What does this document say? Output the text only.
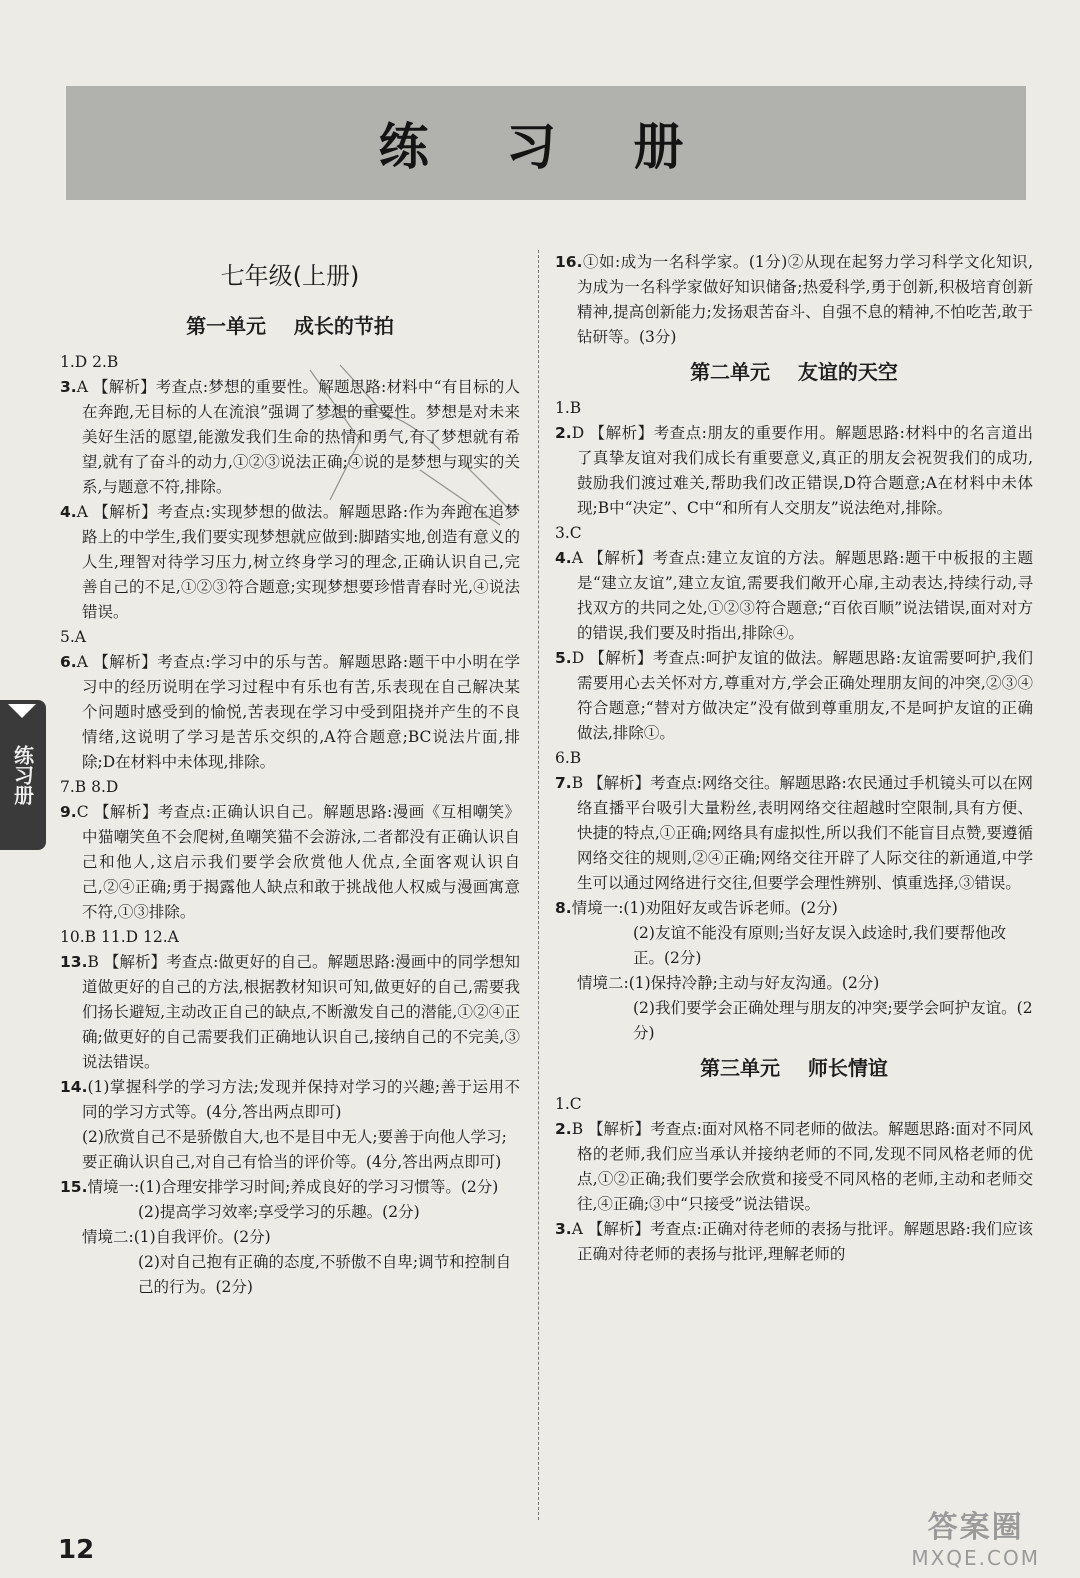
练 习 册
练习册
七年级(上册)
第一单元    成长的节拍

1.D 2.B

3.A 【解析】考查点:梦想的重要性。解题思路:材料中“有目标的人在奔跑,无目标的人在流浪”强调了梦想的重要性。梦想是对未来美好生活的愿望,能激发我们生命的热情和勇气,有了梦想就有希望,就有了奋斗的动力,①②③说法正确;④说的是梦想与现实的关系,与题意不符,排除。

4.A 【解析】考查点:实现梦想的做法。解题思路:作为奔跑在追梦路上的中学生,我们要实现梦想就应做到:脚踏实地,创造有意义的人生,理智对待学习压力,树立终身学习的理念,正确认识自己,完善自己的不足,①②③符合题意;实现梦想要珍惜青春时光,④说法错误。

5.A

6.A 【解析】考查点:学习中的乐与苦。解题思路:题干中小明在学习中的经历说明在学习过程中有乐也有苦,乐表现在自己解决某个问题时感受到的愉悦,苦表现在学习中受到阻挠并产生的不良情绪,这说明了学习是苦乐交织的,A符合题意;BC说法片面,排除;D在材料中未体现,排除。

7.B 8.D

9.C 【解析】考查点:正确认识自己。解题思路:漫画《互相嘲笑》中猫嘲笑鱼不会爬树,鱼嘲笑猫不会游泳,二者都没有正确认识自己和他人,这启示我们要学会欣赏他人优点,全面客观认识自己,②④正确;勇于揭露他人缺点和敢于挑战他人权威与漫画寓意不符,①③排除。

10.B 11.D 12.A

13.B 【解析】考查点:做更好的自己。解题思路:漫画中的同学想知道做更好的自己的方法,根据教材知识可知,做更好的自己,需要我们扬长避短,主动改正自己的缺点,不断激发自己的潜能,①②④正确;做更好的自己需要我们正确地认识自己,接纳自己的不完美,③说法错误。

14.(1)掌握科学的学习方法;发现并保持对学习的兴趣;善于运用不同的学习方式等。(4分,答出两点即可)

(2)欣赏自己不是骄傲自大,也不是目中无人;要善于向他人学习;要正确认识自己,对自己有恰当的评价等。(4分,答出两点即可)

15.情境一:(1)合理安排学习时间;养成良好的学习习惯等。(2分)

(2)提高学习效率;享受学习的乐趣。(2分)

情境二:(1)自我评价。(2分)

(2)对自己抱有正确的态度,不骄傲不自卑;调节和控制自己的行为。(2分)

16.①如:成为一名科学家。(1分)②从现在起努力学习科学文化知识,为成为一名科学家做好知识储备;热爱科学,勇于创新,积极培育创新精神,提高创新能力;发扬艰苦奋斗、自强不息的精神,不怕吃苦,敢于钻研等。(3分)

第二单元    友谊的天空

1.B

2.D 【解析】考查点:朋友的重要作用。解题思路:材料中的名言道出了真挚友谊对我们成长有重要意义,真正的朋友会祝贺我们的成功,鼓励我们渡过难关,帮助我们改正错误,D符合题意;A在材料中未体现;B中“决定”、C中“和所有人交朋友”说法绝对,排除。

3.C

4.A 【解析】考查点:建立友谊的方法。解题思路:题干中板报的主题是“建立友谊”,建立友谊,需要我们敞开心扉,主动表达,持续行动,寻找双方的共同之处,①②③符合题意;“百依百顺”说法错误,面对对方的错误,我们要及时指出,排除④。

5.D 【解析】考查点:呵护友谊的做法。解题思路:友谊需要呵护,我们需要用心去关怀对方,尊重对方,学会正确处理朋友间的冲突,②③④符合题意;“替对方做决定”没有做到尊重朋友,不是呵护友谊的正确做法,排除①。

6.B

7.B 【解析】考查点:网络交往。解题思路:农民通过手机镜头可以在网络直播平台吸引大量粉丝,表明网络交往超越时空限制,具有方便、快捷的特点,①正确;网络具有虚拟性,所以我们不能盲目点赞,要遵循网络交往的规则,②④正确;网络交往开辟了人际交往的新通道,中学生可以通过网络进行交往,但要学会理性辨别、慎重选择,③错误。

8.情境一:(1)劝阻好友或告诉老师。(2分)

(2)友谊不能没有原则;当好友误入歧途时,我们要帮他改正。(2分)

情境二:(1)保持冷静;主动与好友沟通。(2分)

(2)我们要学会正确处理与朋友的冲突;要学会呵护友谊。(2分)

第三单元    师长情谊

1.C

2.B 【解析】考查点:面对风格不同老师的做法。解题思路:面对不同风格的老师,我们应当承认并接纳老师的不同,发现不同风格老师的优点,①②正确;我们要学会欣赏和接受不同风格的老师,主动和老师交往,④正确;③中“只接受”说法错误。

3.A 【解析】考查点:正确对待老师的表扬与批评。解题思路:我们应该正确对待老师的表扬与批评,理解老师的

12
答案圈
MXQE.COM
